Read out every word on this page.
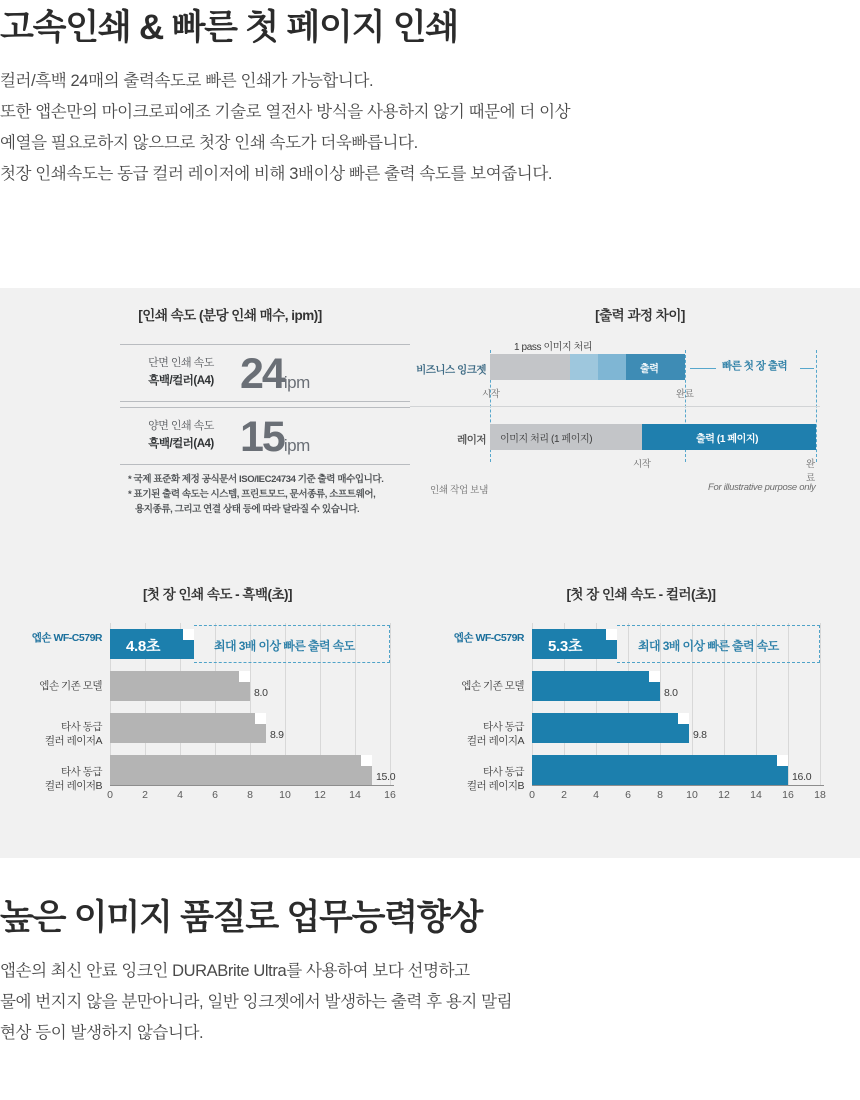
고속인쇄 & 빠른 첫 페이지 인쇄
컬러/흑백 24매의 출력속도로 빠른 인쇄가 가능합니다.
또한 앱손만의 마이크로피에조 기술로 열전사 방식을 사용하지 않기 때문에 더 이상
예열을 필요로하지 않으므로 첫장 인쇄 속도가 더욱빠릅니다.
첫장 인쇄속도는 동급 컬러 레이저에 비해 3배이상 빠른 출력 속도를 보여줍니다.
[인쇄 속도 (분당 인쇄 매수, ipm)]
단면 인쇄 속도
흑백/컬러(A4) 24ipm
양면 인쇄 속도
흑백/컬러(A4) 15ipm
* 국제 표준화 제정 공식문서 ISO/IEC24734 기준 출력 매수입니다.
* 표기된 출력 속도는 시스템, 프린트모드, 문서종류, 소프트웨어,
용지종류, 그리고 연결 상태 등에 따라 달라질 수 있습니다.
[출력 과정 차이]
비즈니스 잉크젯
1 pass 이미지 처리
출력	빠른 첫 장 출력
시작	완료
레이저 이미지 처리 (1 페이지)	출력 (1 페이지)
시작	완료
인쇄 작업 보냄	For illustrative purpose only
[첫 장 인쇄 속도 - 흑백(초)]
엡손 WF-C579R
엡손 기존 모델
타사 동급
컬러 레이저A
타사 동급
컬러 레이저B
최대 3배 이상 빠른 출력 속도
4.8초
8.0
8.9
15.0
0	2	4	6	8 10 12 14 16
[첫 장 인쇄 속도 - 컬러(초)]
엡손 WF-C579R
엡손 기존 모델
타사 동급
컬러 레이지A
타사 동급
컬러 레이지B
최대 3배 이상 빠른 출력 속도
5.3초
8.0
9.8
16.0
0 2 4 6 8 10 12 14 16 18
높은 이미지 품질로 업무능력향상
앱손의 최신 안료 잉크인 DURABrite Ultra를 사용하여 보다 선명하고
물에 번지지 않을 분만아니라, 일반 잉크젯에서 발생하는 출력 후 용지 말림
현상 등이 발생하지 않습니다.
